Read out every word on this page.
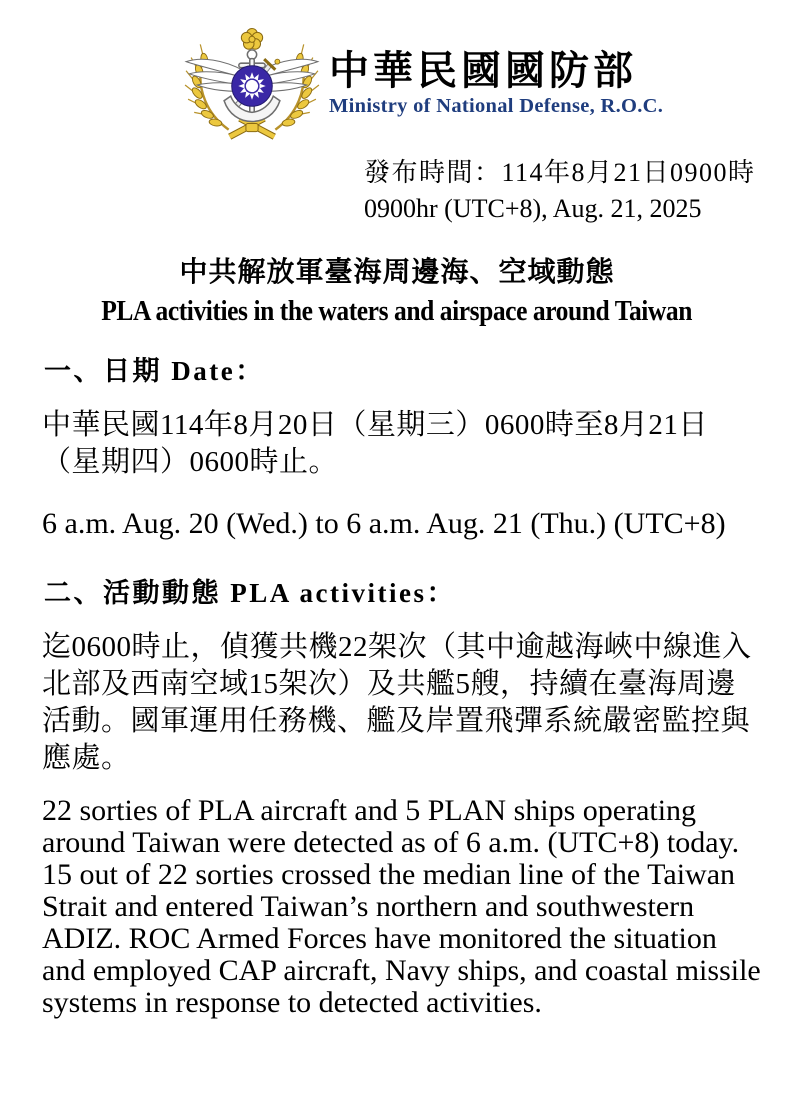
中華民國國防部
Ministry of National Defense, R.O.C.
發布時間：114年8月21日0900時
0900hr (UTC+8), Aug. 21, 2025
中共解放軍臺海周邊海、空域動態
PLA activities in the waters and airspace around Taiwan
一、日期 Date：
中華民國114年8月20日（星期三）0600時至8月21日
（星期四）0600時止。
6 a.m. Aug. 20 (Wed.) to 6 a.m. Aug. 21 (Thu.) (UTC+8)
二、活動動態 PLA activities：
迄0600時止，偵獲共機22架次（其中逾越海峽中線進入
北部及西南空域15架次）及共艦5艘，持續在臺海周邊
活動。國軍運用任務機、艦及岸置飛彈系統嚴密監控與
應處。
22 sorties of PLA aircraft and 5 PLAN ships operating
around Taiwan were detected as of 6 a.m. (UTC+8) today.
15 out of 22 sorties crossed the median line of the Taiwan
Strait and entered Taiwan’s northern and southwestern
ADIZ. ROC Armed Forces have monitored the situation
and employed CAP aircraft, Navy ships, and coastal missile
systems in response to detected activities.
